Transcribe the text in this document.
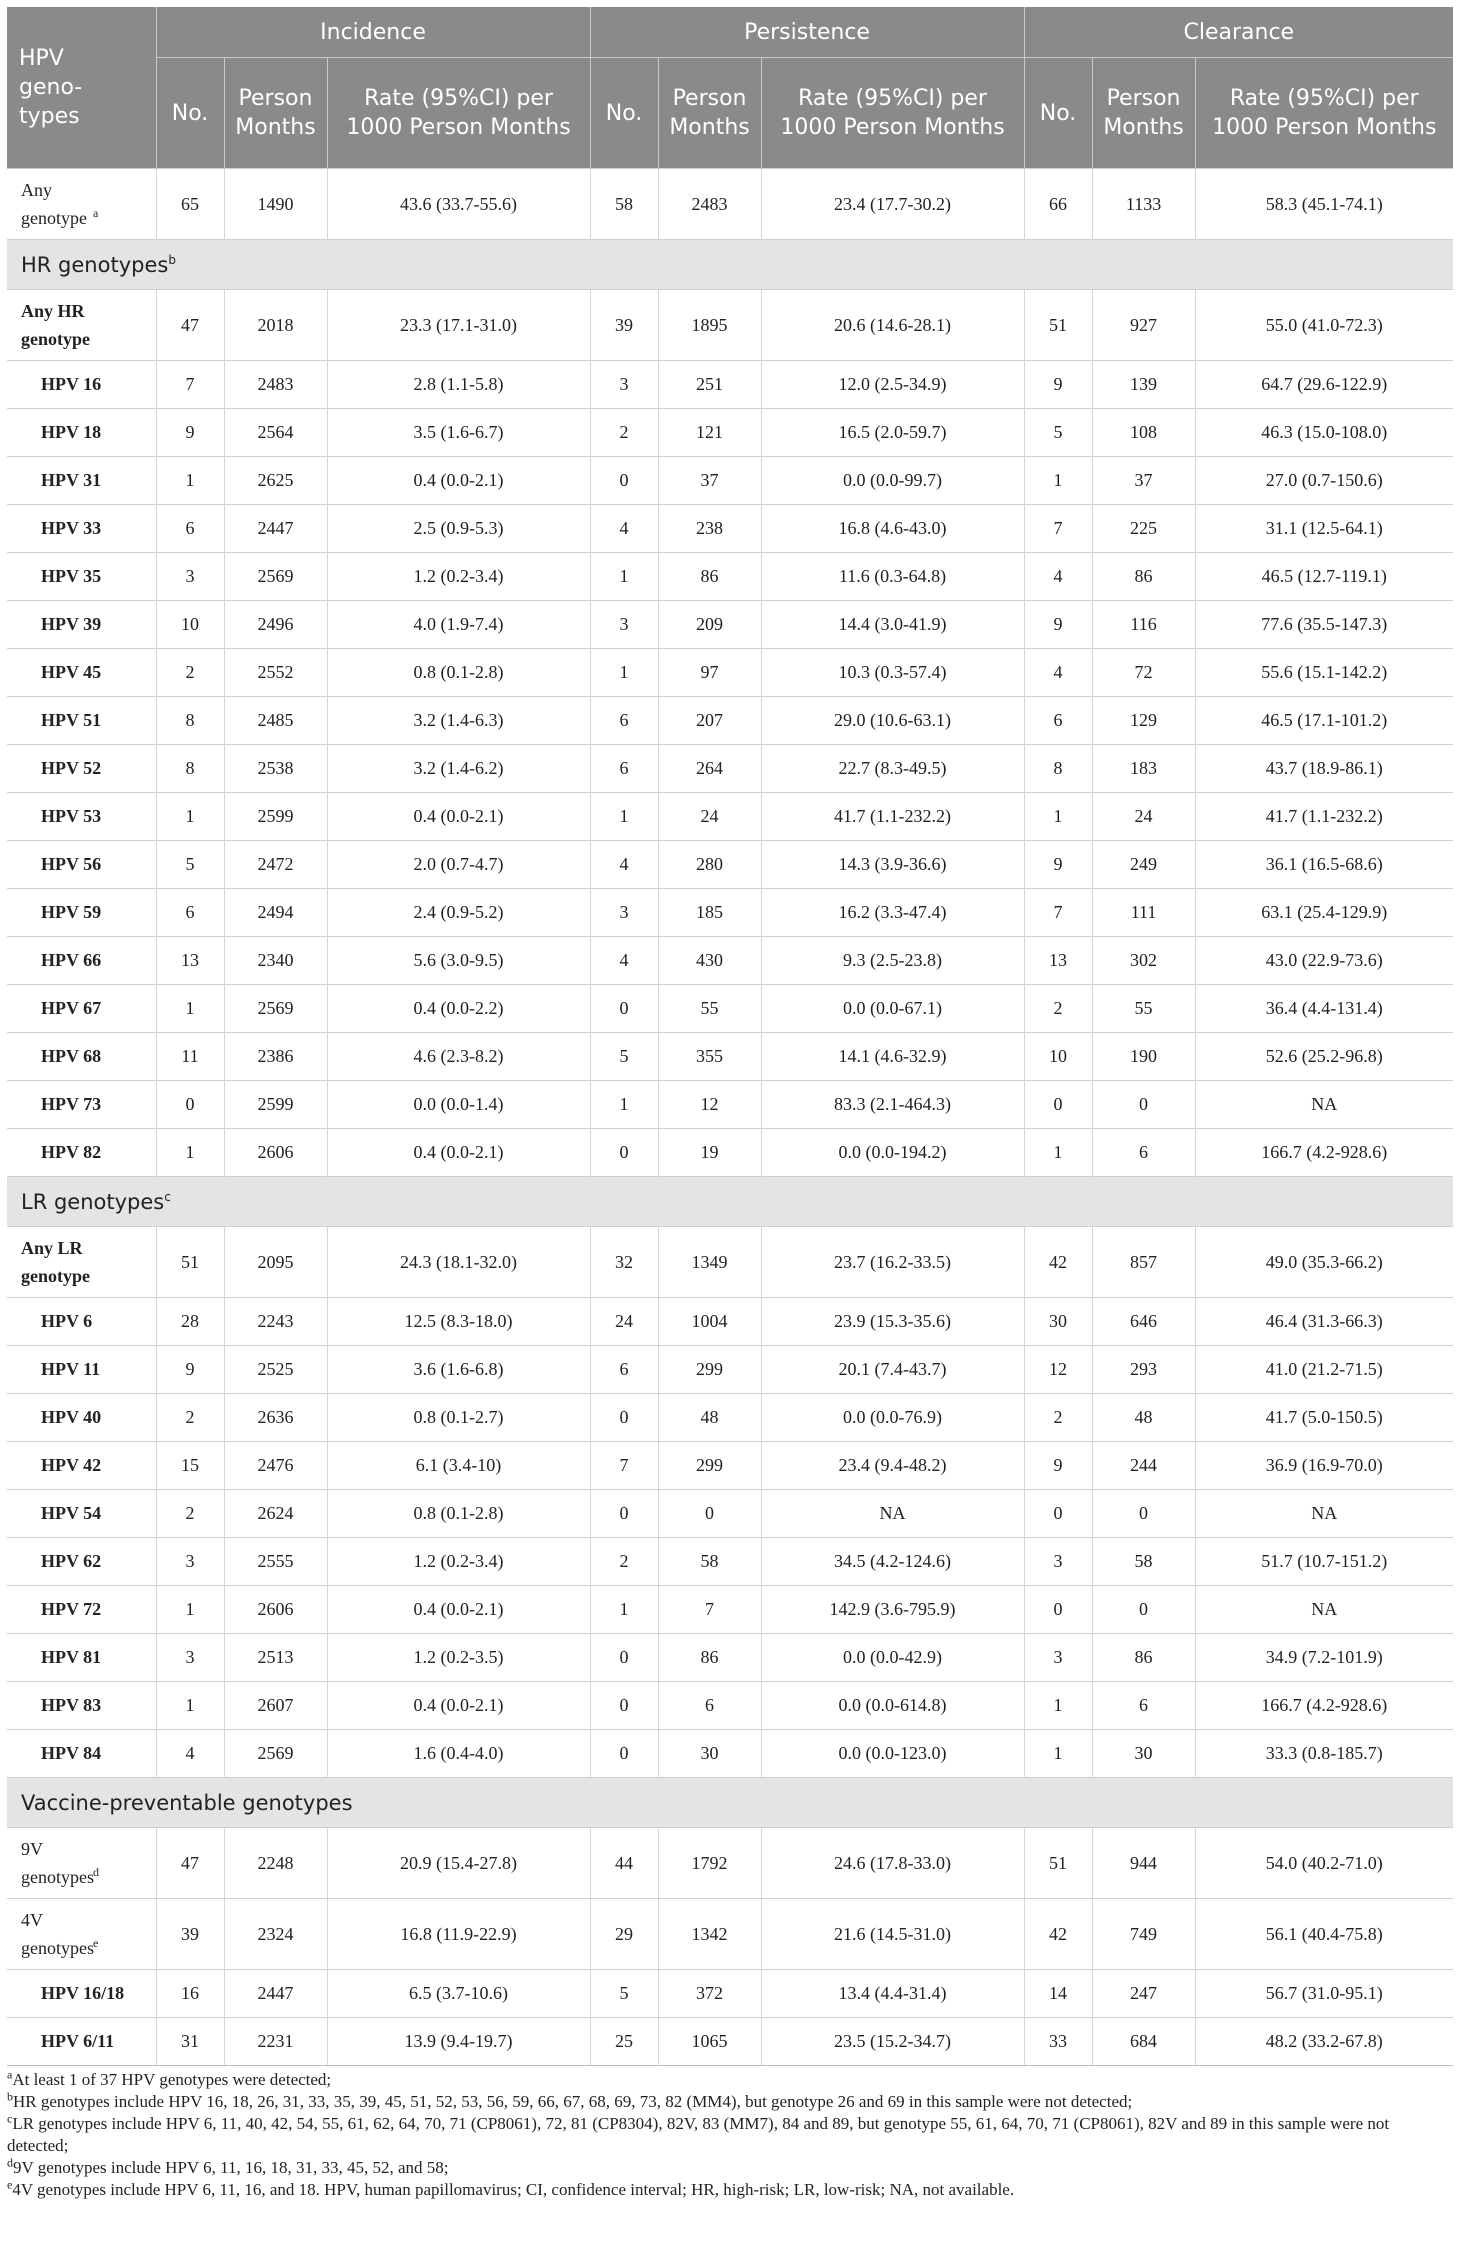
HPV geno-types	Incidence			Persistence			Clearance		
	No.	Person Months	Rate (95%CI) per 1000 Person Months	No.	Person Months	Rate (95%CI) per 1000 Person Months	No.	Person Months	Rate (95%CI) per 1000 Person Months
Any genotype $^a$	65	1490	43.6 (33.7-55.6)	58	2483	23.4 (17.7-30.2)	66	1133	58.3 (45.1-74.1)
HR genotypes$^b$
Any HR genotype	47	2018	23.3 (17.1-31.0)	39	1895	20.6 (14.6-28.1)	51	927	55.0 (41.0-72.3)
HPV 16	7	2483	2.8 (1.1-5.8)	3	251	12.0 (2.5-34.9)	9	139	64.7 (29.6-122.9)
HPV 18	9	2564	3.5 (1.6-6.7)	2	121	16.5 (2.0-59.7)	5	108	46.3 (15.0-108.0)
HPV 31	1	2625	0.4 (0.0-2.1)	0	37	0.0 (0.0-99.7)	1	37	27.0 (0.7-150.6)
HPV 33	6	2447	2.5 (0.9-5.3)	4	238	16.8 (4.6-43.0)	7	225	31.1 (12.5-64.1)
HPV 35	3	2569	1.2 (0.2-3.4)	1	86	11.6 (0.3-64.8)	4	86	46.5 (12.7-119.1)
HPV 39	10	2496	4.0 (1.9-7.4)	3	209	14.4 (3.0-41.9)	9	116	77.6 (35.5-147.3)
HPV 45	2	2552	0.8 (0.1-2.8)	1	97	10.3 (0.3-57.4)	4	72	55.6 (15.1-142.2)
HPV 51	8	2485	3.2 (1.4-6.3)	6	207	29.0 (10.6-63.1)	6	129	46.5 (17.1-101.2)
HPV 52	8	2538	3.2 (1.4-6.2)	6	264	22.7 (8.3-49.5)	8	183	43.7 (18.9-86.1)
HPV 53	1	2599	0.4 (0.0-2.1)	1	24	41.7 (1.1-232.2)	1	24	41.7 (1.1-232.2)
HPV 56	5	2472	2.0 (0.7-4.7)	4	280	14.3 (3.9-36.6)	9	249	36.1 (16.5-68.6)
HPV 59	6	2494	2.4 (0.9-5.2)	3	185	16.2 (3.3-47.4)	7	111	63.1 (25.4-129.9)
HPV 66	13	2340	5.6 (3.0-9.5)	4	430	9.3 (2.5-23.8)	13	302	43.0 (22.9-73.6)
HPV 67	1	2569	0.4 (0.0-2.2)	0	55	0.0 (0.0-67.1)	2	55	36.4 (4.4-131.4)
HPV 68	11	2386	4.6 (2.3-8.2)	5	355	14.1 (4.6-32.9)	10	190	52.6 (25.2-96.8)
HPV 73	0	2599	0.0 (0.0-1.4)	1	12	83.3 (2.1-464.3)	0	0	NA
HPV 82	1	2606	0.4 (0.0-2.1)	0	19	0.0 (0.0-194.2)	1	6	166.7 (4.2-928.6)
LR genotypes$^c$
Any LR genotype	51	2095	24.3 (18.1-32.0)	32	1349	23.7 (16.2-33.5)	42	857	49.0 (35.3-66.2)
HPV 6	28	2243	12.5 (8.3-18.0)	24	1004	23.9 (15.3-35.6)	30	646	46.4 (31.3-66.3)
HPV 11	9	2525	3.6 (1.6-6.8)	6	299	20.1 (7.4-43.7)	12	293	41.0 (21.2-71.5)
HPV 40	2	2636	0.8 (0.1-2.7)	0	48	0.0 (0.0-76.9)	2	48	41.7 (5.0-150.5)
HPV 42	15	2476	6.1 (3.4-10)	7	299	23.4 (9.4-48.2)	9	244	36.9 (16.9-70.0)
HPV 54	2	2624	0.8 (0.1-2.8)	0	0	NA	0	0	NA
HPV 62	3	2555	1.2 (0.2-3.4)	2	58	34.5 (4.2-124.6)	3	58	51.7 (10.7-151.2)
HPV 72	1	2606	0.4 (0.0-2.1)	1	7	142.9 (3.6-795.9)	0	0	NA
HPV 81	3	2513	1.2 (0.2-3.5)	0	86	0.0 (0.0-42.9)	3	86	34.9 (7.2-101.9)
HPV 83	1	2607	0.4 (0.0-2.1)	0	6	0.0 (0.0-614.8)	1	6	166.7 (4.2-928.6)
HPV 84	4	2569	1.6 (0.4-4.0)	0	30	0.0 (0.0-123.0)	1	30	33.3 (0.8-185.7)
Vaccine-preventable genotypes									
9V genotypes$^d$	47	2248	20.9 (15.4-27.8)	44	1792	24.6 (17.8-33.0)	51	944	54.0 (40.2-71.0)
4V genotypes$^e$	39	2324	16.8 (11.9-22.9)	29	1342	21.6 (14.5-31.0)	42	749	56.1 (40.4-75.8)
HPV 16/18	16	2447	6.5 (3.7-10.6)	5	372	13.4 (4.4-31.4)	14	247	56.7 (31.0-95.1)
HPV 6/11	31	2231	13.9 (9.4-19.7)	25	1065	23.5 (15.2-34.7)	33	684	48.2 (33.2-67.8)

$^a$At least 1 of 37 HPV genotypes were detected;

$^b$HR genotypes include HPV 16, 18, 26, 31, 33, 35, 39, 45, 51, 52, 53, 56, 59, 66, 67, 68, 69, 73, 82 (MM4), but genotype 26 and 69 in this sample were not detected;

$^c$LR genotypes include HPV 6, 11, 40, 42, 54, 55, 61, 62, 64, 70, 71 (CP8061), 72, 81 (CP8304), 82V, 83 (MM7), 84 and 89, but genotype 55, 61, 64, 70, 71 (CP8061), 82V and 89 in this sample were not detected;

$^d$9V genotypes include HPV 6, 11, 16, 18, 31, 33, 45, 52, and 58;

$^e$4V genotypes include HPV 6, 11, 16, and 18. HPV, human papillomavirus; CI, confidence interval; HR, high-risk; LR, low-risk; NA, not available.
